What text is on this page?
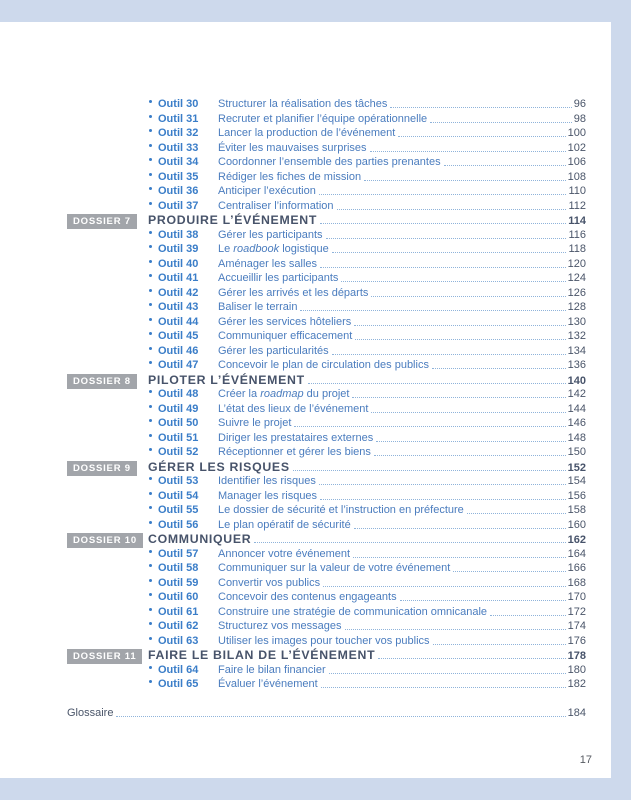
Outil 30	Structurer la réalisation des tâches	96
Outil 31	Recruter et planifier l’équipe opérationnelle	98
Outil 32	Lancer la production de l’événement	100
Outil 33	Éviter les mauvaises surprises	102
Outil 34	Coordonner l’ensemble des parties prenantes	106
Outil 35	Rédiger les fiches de mission	108
Outil 36	Anticiper l’exécution	110
Outil 37	Centraliser l’information	112
DOSSIER 7	PRODUIRE L’ÉVÉNEMENT	114
Outil 38	Gérer les participants	116
Outil 39	Le roadbook logistique	118
Outil 40	Aménager les salles	120
Outil 41	Accueillir les participants	124
Outil 42	Gérer les arrivés et les départs	126
Outil 43	Baliser le terrain	128
Outil 44	Gérer les services hôteliers	130
Outil 45	Communiquer efficacement	132
Outil 46	Gérer les particularités	134
Outil 47	Concevoir le plan de circulation des publics	136
DOSSIER 8	PILOTER L’ÉVÉNEMENT	140
Outil 48	Créer la roadmap du projet	142
Outil 49	L’état des lieux de l’événement	144
Outil 50	Suivre le projet	146
Outil 51	Diriger les prestataires externes	148
Outil 52	Réceptionner et gérer les biens	150
DOSSIER 9	GÉRER LES RISQUES	152
Outil 53	Identifier les risques	154
Outil 54	Manager les risques	156
Outil 55	Le dossier de sécurité et l’instruction en préfecture	158
Outil 56	Le plan opératif de sécurité	160
DOSSIER 10 COMMUNIQUER	162
Outil 57	Annoncer votre événement	164
Outil 58	Communiquer sur la valeur de votre événement	166
Outil 59	Convertir vos publics	168
Outil 60	Concevoir des contenus engageants	170
Outil 61	Construire une stratégie de communication omnicanale	172
Outil 62	Structurez vos messages	174
Outil 63	Utiliser les images pour toucher vos publics	176
DOSSIER 11 FAIRE LE BILAN DE L’ÉVÉNEMENT	178
Outil 64	Faire le bilan financier	180
Outil 65	Évaluer l’événement	182
Glossaire	184
17
